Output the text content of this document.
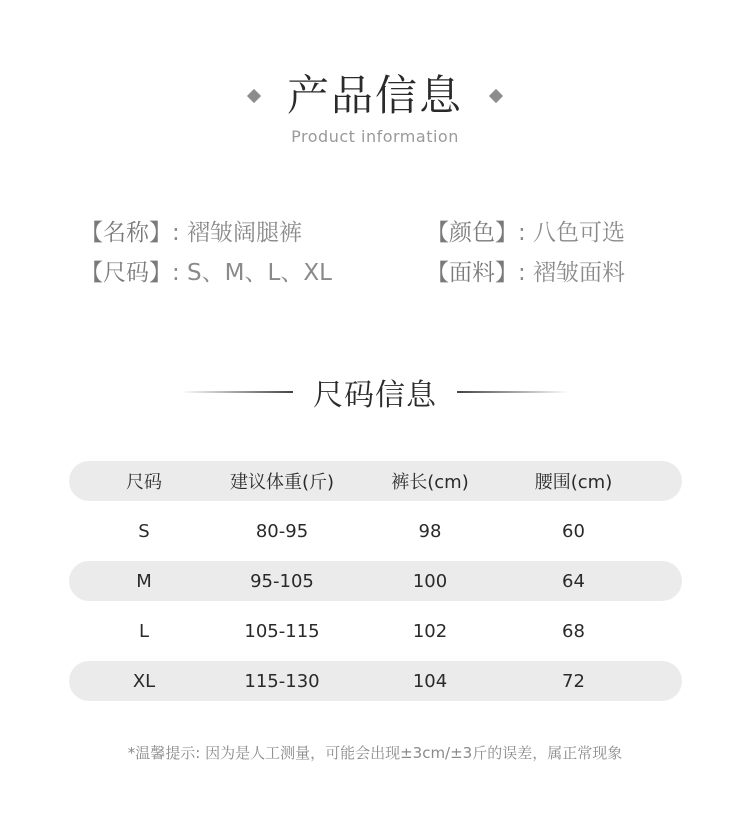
产品信息
Product information
【名称】: 褶皱阔腿裤	【颜色】: 八色可选
【尺码】: S、M、L、XL	【面料】: 褶皱面料
尺码信息
尺码	建议体重(斤)	裤长(cm)	腰围(cm)
S	80-95	98	60
M	95-105	100	64
L	105-115	102	68
XL	115-130	104	72
*温馨提示: 因为是人工测量，可能会出现±3cm/±3斤的误差，属正常现象
